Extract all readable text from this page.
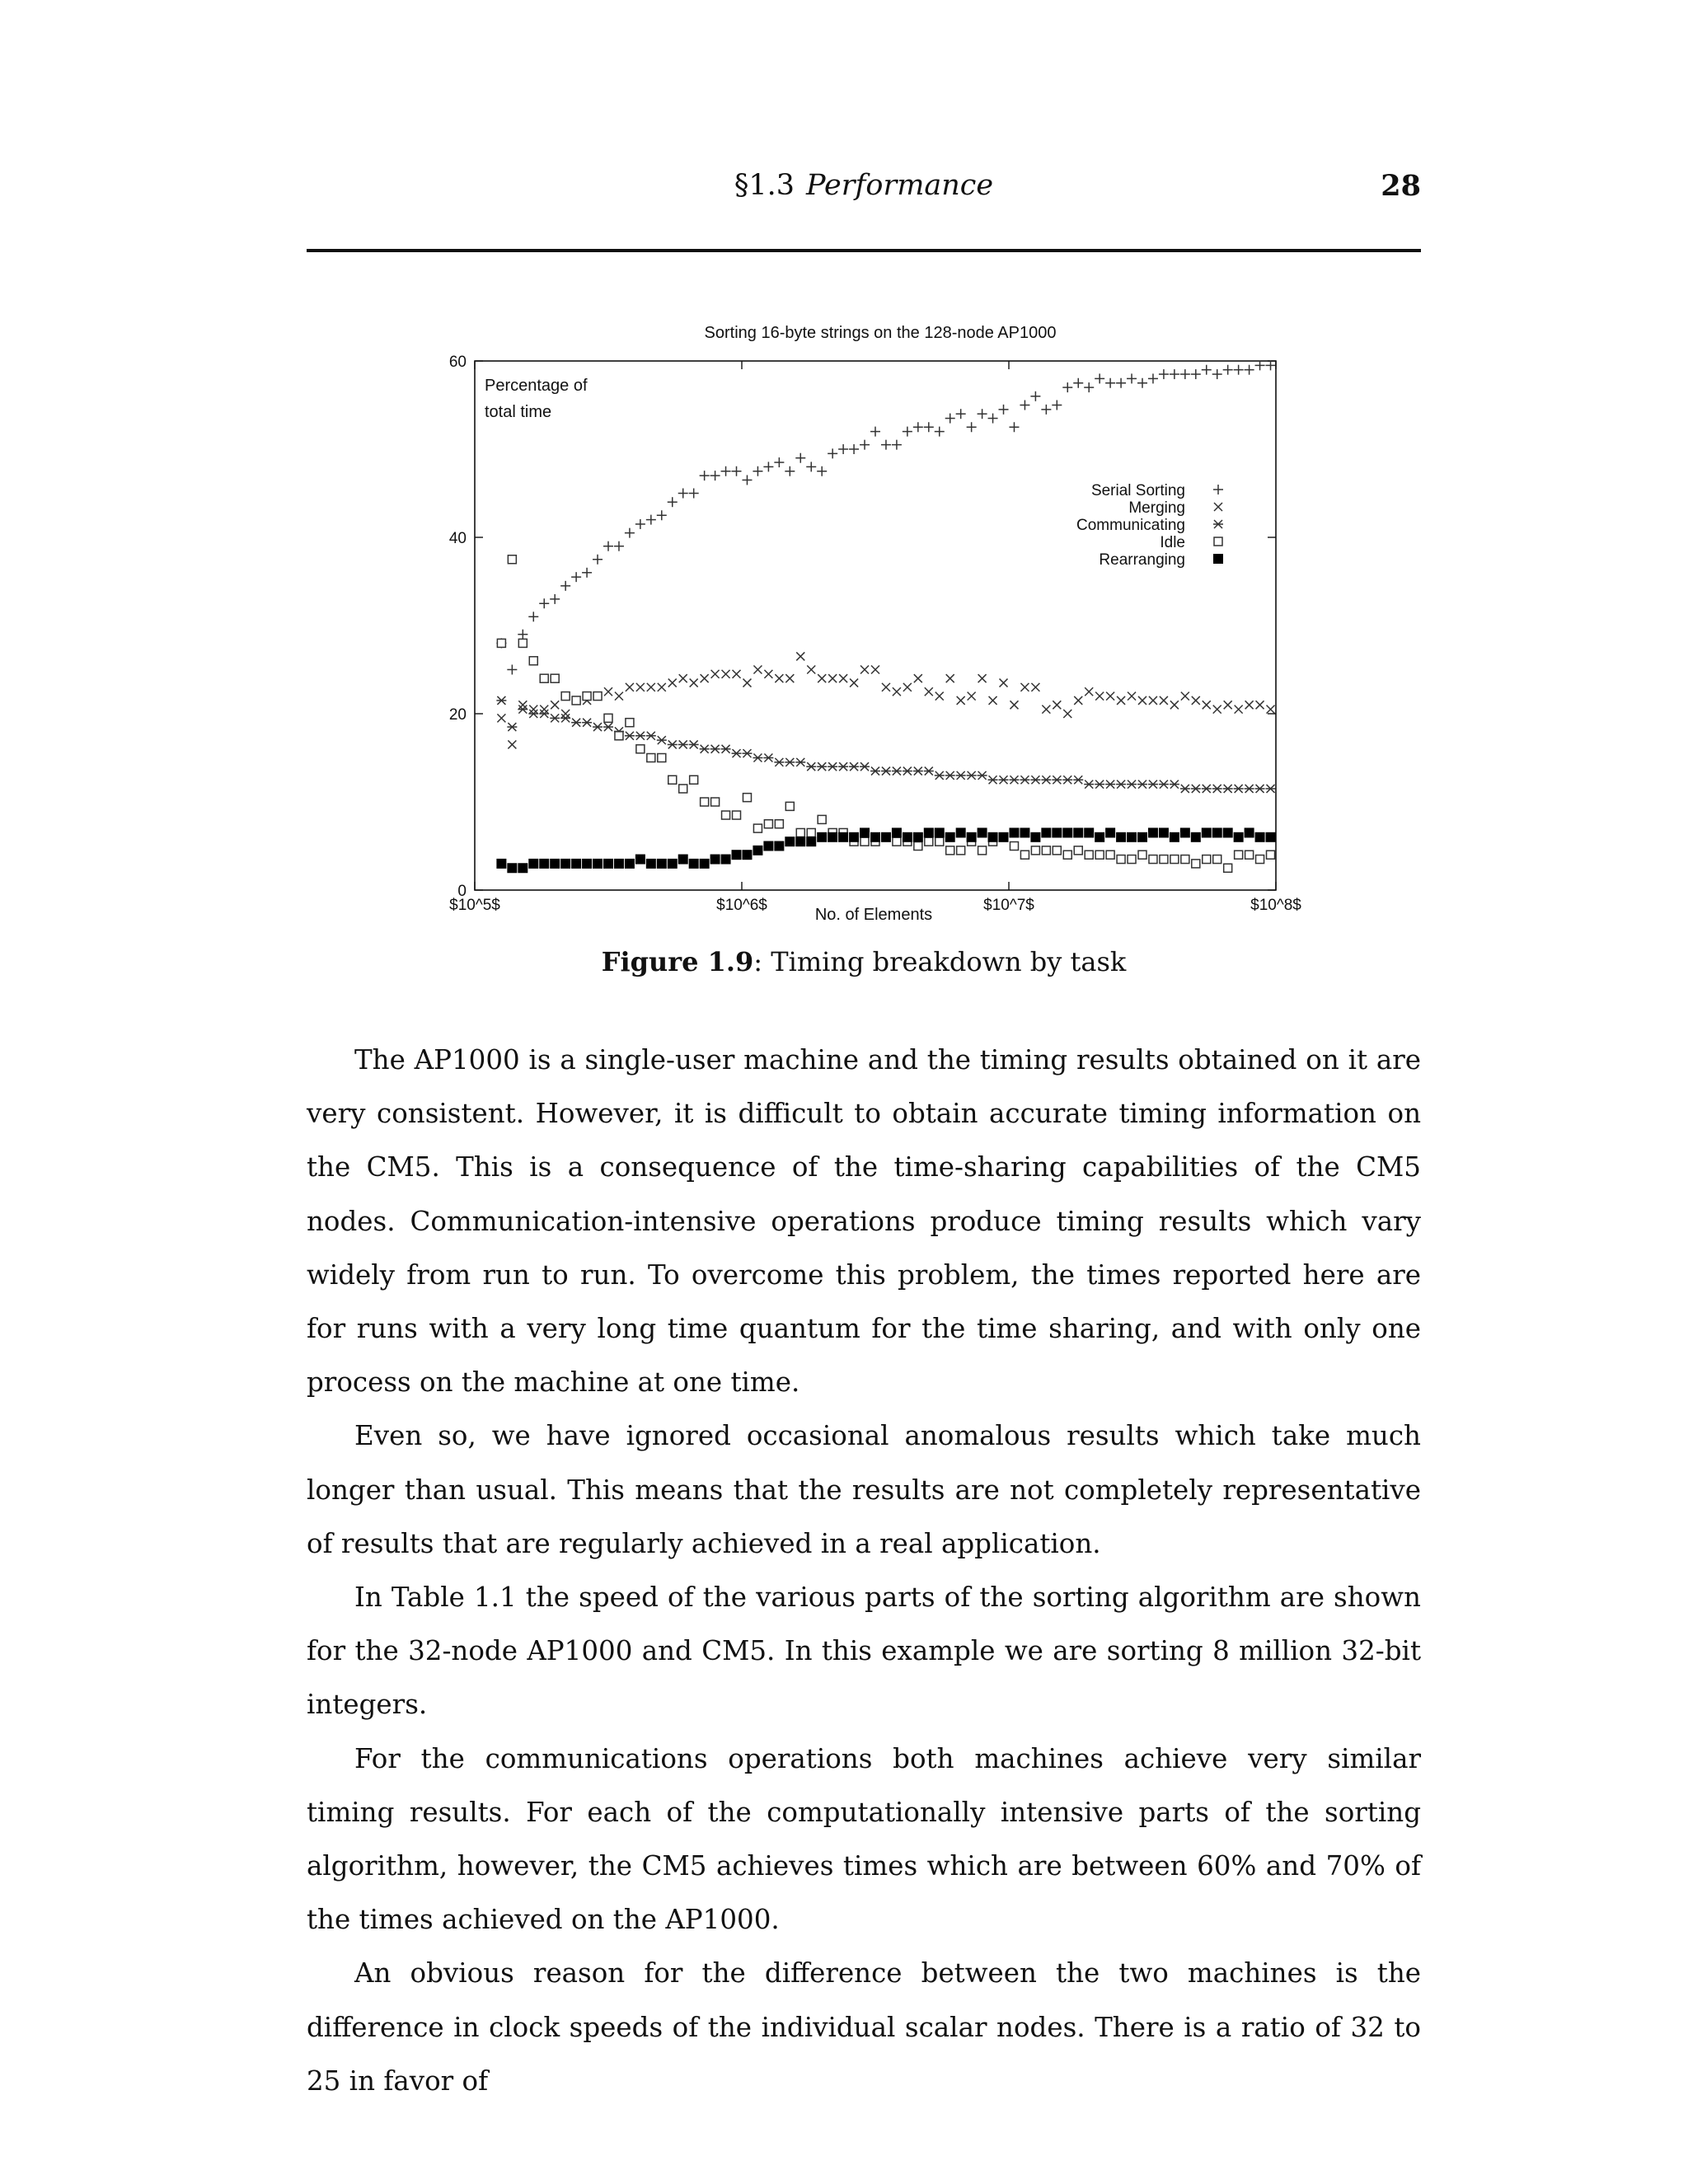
§1.3 Performance	28
Sorting 16-byte strings on the 128-node AP1000
0
20
40
60
$10^5$	$10^6$	$10^7$	$10^8$
Percentage of
total time
No. of Elements
Serial Sorting
Merging
Communicating
Idle
Rearranging
Figure 1.9: Timing breakdown by task

The AP1000 is a single-user machine and the timing results obtained on it are very consistent. However, it is difficult to obtain accurate timing information on the CM5. This is a consequence of the time-sharing capabilities of the CM5 nodes. Communication-intensive operations produce timing results which vary widely from run to run. To overcome this problem, the times reported here are for runs with a very long time quantum for the time sharing, and with only one process on the machine at one time.

Even so, we have ignored occasional anomalous results which take much longer than usual. This means that the results are not completely representative of results that are regularly achieved in a real application.

In Table 1.1 the speed of the various parts of the sorting algorithm are shown for the 32-node AP1000 and CM5. In this example we are sorting 8 million 32-bit integers.

For the communications operations both machines achieve very similar timing results. For each of the computationally intensive parts of the sorting algorithm, however, the CM5 achieves times which are between 60% and 70% of the times achieved on the AP1000.

An obvious reason for the difference between the two machines is the difference in clock speeds of the individual scalar nodes. There is a ratio of 32 to 25 in favor of
